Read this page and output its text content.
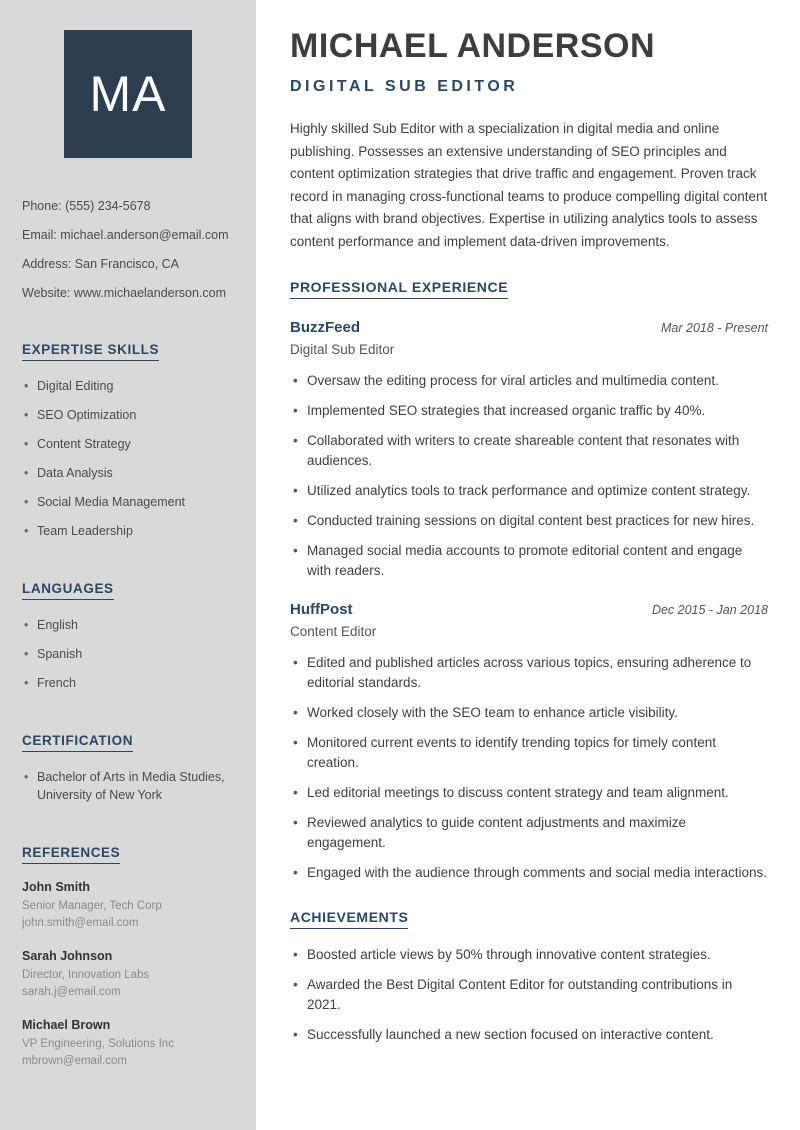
MA
Phone: (555) 234-5678
Email: michael.anderson@email.com
Address: San Francisco, CA
Website: www.michaelanderson.com
EXPERTISE SKILLS
• Digital Editing
• SEO Optimization
• Content Strategy
• Data Analysis
• Social Media Management
• Team Leadership
LANGUAGES
• English
• Spanish
• French
CERTIFICATION
• Bachelor of Arts in Media Studies, University of New York
REFERENCES
John Smith
Senior Manager, Tech Corp
john.smith@email.com
Sarah Johnson
Director, Innovation Labs
sarah.j@email.com
Michael Brown
VP Engineering, Solutions Inc
mbrown@email.com
MICHAEL ANDERSON
DIGITAL SUB EDITOR

Highly skilled Sub Editor with a specialization in digital media and online publishing. Possesses an extensive understanding of SEO principles and content optimization strategies that drive traffic and engagement. Proven track record in managing cross-functional teams to produce compelling digital content that aligns with brand objectives. Expertise in utilizing analytics tools to assess content performance and implement data-driven improvements.

PROFESSIONAL EXPERIENCE
BuzzFeed	Mar 2018 - Present
Digital Sub Editor
• Oversaw the editing process for viral articles and multimedia content.
• Implemented SEO strategies that increased organic traffic by 40%.
• Collaborated with writers to create shareable content that resonates with audiences.
• Utilized analytics tools to track performance and optimize content strategy.
• Conducted training sessions on digital content best practices for new hires.
• Managed social media accounts to promote editorial content and engage with readers.
HuffPost	Dec 2015 - Jan 2018
Content Editor
• Edited and published articles across various topics, ensuring adherence to editorial standards.
• Worked closely with the SEO team to enhance article visibility.
• Monitored current events to identify trending topics for timely content creation.
• Led editorial meetings to discuss content strategy and team alignment.
• Reviewed analytics to guide content adjustments and maximize engagement.
• Engaged with the audience through comments and social media interactions.
ACHIEVEMENTS
• Boosted article views by 50% through innovative content strategies.
• Awarded the Best Digital Content Editor for outstanding contributions in 2021.
• Successfully launched a new section focused on interactive content.
